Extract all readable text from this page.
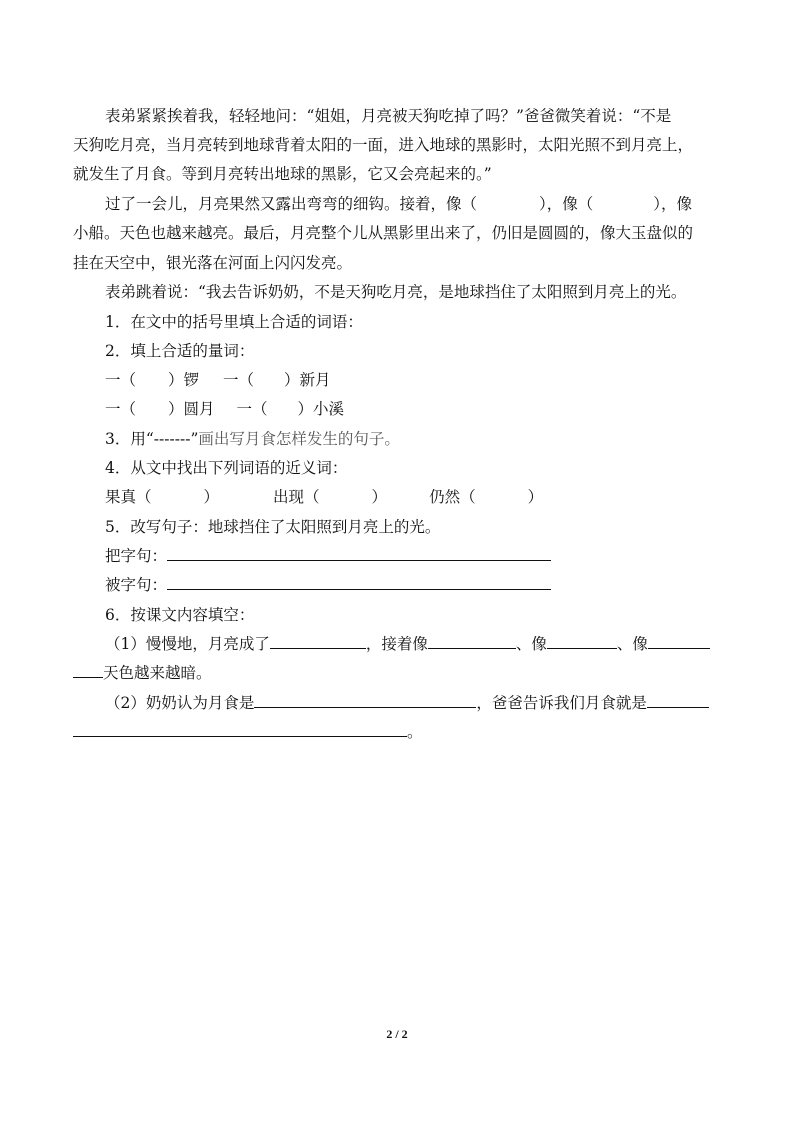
表弟紧紧挨着我，轻轻地问：“姐姐，月亮被天狗吃掉了吗？”爸爸微笑着说：“不是
天狗吃月亮，当月亮转到地球背着太阳的一面，进入地球的黑影时，太阳光照不到月亮上，
就发生了月食。等到月亮转出地球的黑影，它又会亮起来的。”
过了一会儿，月亮果然又露出弯弯的细钩。接着，像（	），像（	），像
小船。天色也越来越亮。最后，月亮整个儿从黑影里出来了，仍旧是圆圆的，像大玉盘似的
挂在天空中，银光落在河面上闪闪发亮。
表弟跳着说：“我去告诉奶奶，不是天狗吃月亮，是地球挡住了太阳照到月亮上的光。
1．在文中的括号里填上合适的词语：
2．填上合适的量词：
一（ ）锣 一（ ）新月
一（ ）圆月 一（ ）小溪
3．用“-------”画出写月食怎样发生的句子。
4．从文中找出下列词语的近义词：
果真（	）	出现（	）	仍然（	）
5．改写句子：地球挡住了太阳照到月亮上的光。
把字句：
被字句：
6．按课文内容填空：
（1）慢慢地，月亮成了	，接着像	、像	、像
天色越来越暗。
（2）奶奶认为月食是	，爸爸告诉我们月食就是
。
2 / 2
